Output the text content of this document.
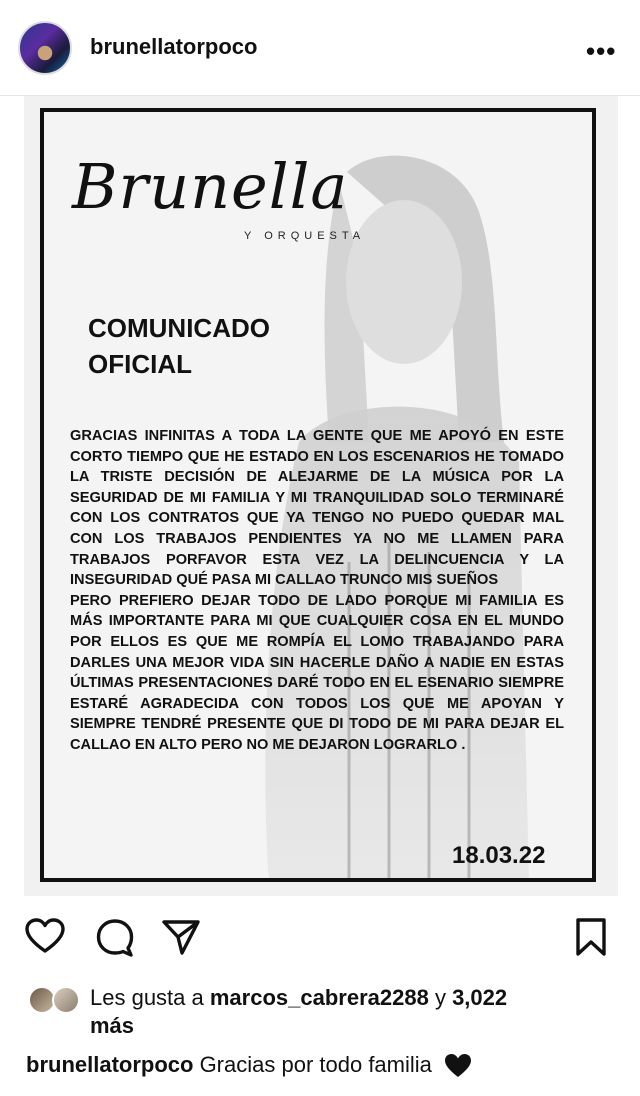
brunellatorpoco	•••
Brunella
Y ORQUESTA
COMUNICADO
OFICIAL

GRACIAS INFINITAS A TODA LA GENTE QUE ME APOYÓ EN ESTE CORTO TIEMPO QUE HE ESTADO EN LOS ESCENARIOS HE TOMADO LA TRISTE DECISIÓN DE ALEJARME DE LA MÚSICA POR LA SEGURIDAD DE MI FAMILIA Y MI TRANQUILIDAD SOLO TERMINARÉ CON LOS CONTRATOS QUE YA TENGO NO PUEDO QUEDAR MAL CON LOS TRABAJOS PENDIENTES YA NO ME LLAMEN PARA TRABAJOS PORFAVOR ESTA VEZ LA DELINCUENCIA Y LA INSEGURIDAD QUÉ PASA MI CALLAO TRUNCO MIS SUEÑOS

PERO PREFIERO DEJAR TODO DE LADO PORQUE MI FAMILIA ES MÁS IMPORTANTE PARA MI QUE CUALQUIER COSA EN EL MUNDO POR ELLOS ES QUE ME ROMPÍA EL LOMO TRABAJANDO PARA DARLES UNA MEJOR VIDA SIN HACERLE DAÑO A NADIE EN ESTAS ÚLTIMAS PRESENTACIONES DARÉ TODO EN EL ESENARIO SIEMPRE ESTARÉ AGRADECIDA CON TODOS LOS QUE ME APOYAN Y SIEMPRE TENDRÉ PRESENTE QUE DI TODO DE MI PARA DEJAR EL CALLAO EN ALTO PERO NO ME DEJARON LOGRARLO .

18.03.22
Les gusta a marcos_cabrera2288 y 3,022
más
brunellatorpoco Gracias por todo familia
